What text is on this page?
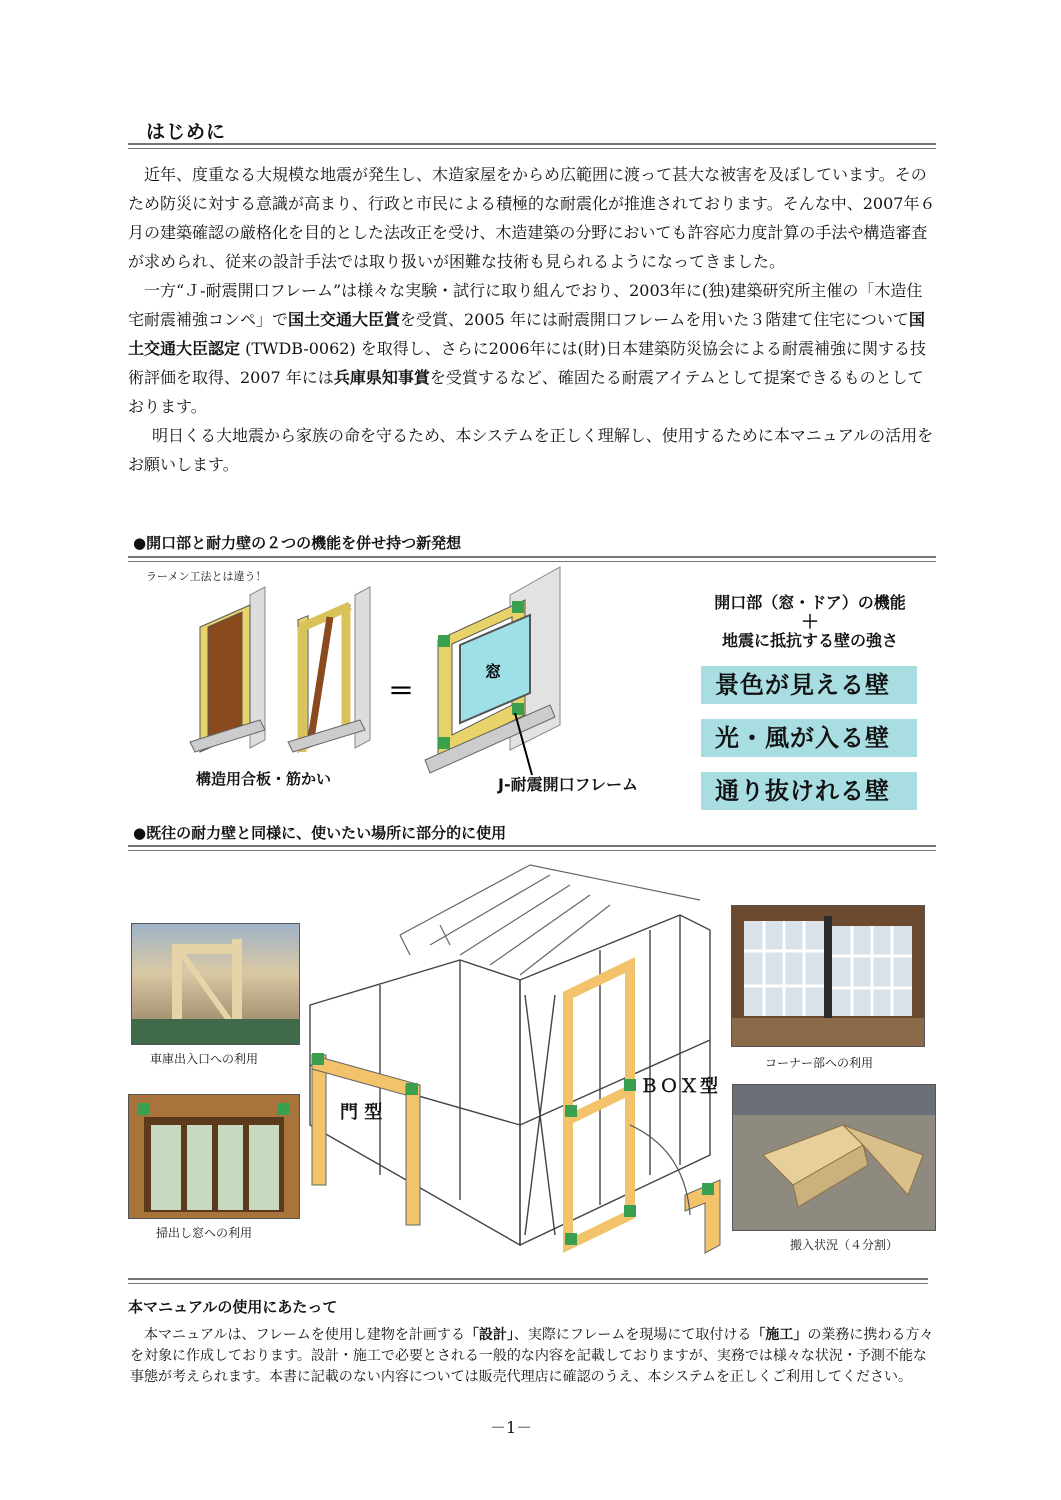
はじめに

近年、度重なる大規模な地震が発生し、木造家屋をからめ広範囲に渡って甚大な被害を及ぼしています。そのため防災に対する意識が高まり、行政と市民による積極的な耐震化が推進されております。そんな中、2007年６月の建築確認の厳格化を目的とした法改正を受け、木造建築の分野においても許容応力度計算の手法や構造審査が求められ、従来の設計手法では取り扱いが困難な技術も見られるようになってきました。

一方“Ｊ-耐震開口フレーム”は様々な実験・試行に取り組んでおり、2003年に(独)建築研究所主催の「木造住宅耐震補強コンペ」で国土交通大臣賞を受賞、2005 年には耐震開口フレームを用いた３階建て住宅について国土交通大臣認定 (TWDB-0062) を取得し、さらに2006年には(財)日本建築防災協会による耐震補強に関する技術評価を取得、2007 年には兵庫県知事賞を受賞するなど、確固たる耐震アイテムとして提案できるものとしております。

明日くる大地震から家族の命を守るため、本システムを正しく理解し、使用するために本マニュアルの活用をお願いします。

●開口部と耐力壁の２つの機能を併せ持つ新発想
ラーメン工法とは違う！
＝
窓
構造用合板・筋かい	J-耐震開口フレーム
開口部（窓・ドア）の機能
＋
地震に抵抗する壁の強さ
景色が見える壁
光・風が入る壁
通り抜けれる壁
●既往の耐力壁と同様に、使いたい場所に部分的に使用
車庫出入口への利用
掃出し窓への利用
門 型
ＢＯＸ型
コーナー部への利用
搬入状況（４分割）
本マニュアルの使用にあたって

本マニュアルは、フレームを使用し建物を計画する「設計」、実際にフレームを現場にて取付ける「施工」の業務に携わる方々を対象に作成しております。設計・施工で必要とされる一般的な内容を記載しておりますが、実務では様々な状況・予測不能な事態が考えられます。本書に記載のない内容については販売代理店に確認のうえ、本システムを正しくご利用してください。

－1－
